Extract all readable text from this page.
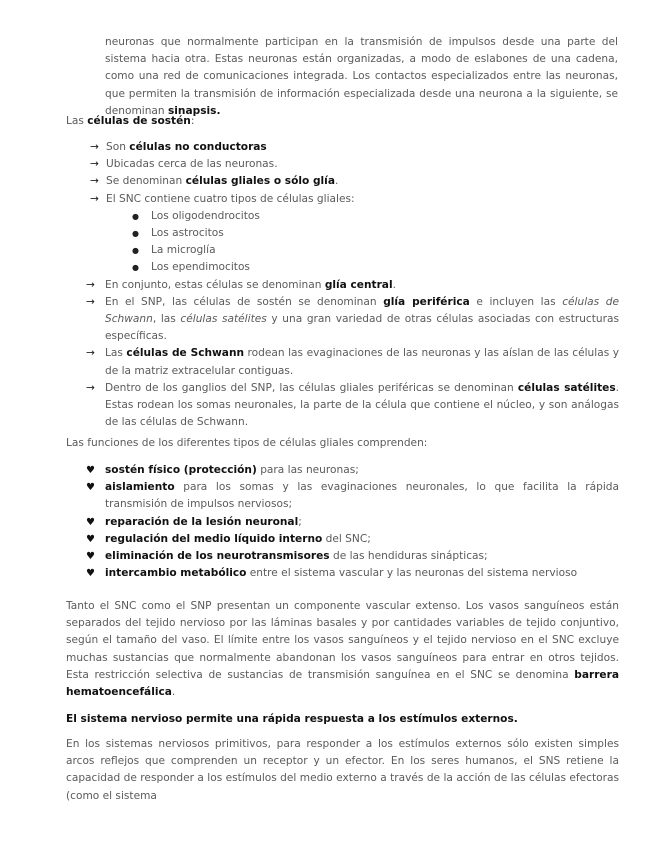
neuronas que normalmente participan en la transmisión de impulsos desde una parte del sistema hacia otra. Estas neuronas están organizadas, a modo de eslabones de una cadena, como una red de comunicaciones integrada. Los contactos especializados entre las neuronas, que permiten la transmisión de información especializada desde una neurona a la siguiente, se denominan sinapsis.

Las células de sostén:
→ Son células no conductoras
→ Ubicadas cerca de las neuronas.
→ Se denominan células gliales o sólo glía.
→ El SNC contiene cuatro tipos de células gliales:
● Los oligodendrocitos
● Los astrocitos
● La microglía
● Los ependimocitos
→ En conjunto, estas células se denominan glía central.
→ En el SNP, las células de sostén se denominan glía periférica e incluyen las células de Schwann, las células satélites y una gran variedad de otras células asociadas con estructuras específicas.
→ Las células de Schwann rodean las evaginaciones de las neuronas y las aíslan de las células y de la matriz extracelular contiguas.
→ Dentro de los ganglios del SNP, las células gliales periféricas se denominan células satélites. Estas rodean los somas neuronales, la parte de la célula que contiene el núcleo, y son análogas de las células de Schwann.
Las funciones de los diferentes tipos de células gliales comprenden:
♥ sostén físico (protección) para las neuronas;
♥ aislamiento para los somas y las evaginaciones neuronales, lo que facilita la rápida transmisión de impulsos nerviosos;
♥ reparación de la lesión neuronal;
♥ regulación del medio líquido interno del SNC;
♥ eliminación de los neurotransmisores de las hendiduras sinápticas;
♥ intercambio metabólico entre el sistema vascular y las neuronas del sistema nervioso

Tanto el SNC como el SNP presentan un componente vascular extenso. Los vasos sanguíneos están separados del tejido nervioso por las láminas basales y por cantidades variables de tejido conjuntivo, según el tamaño del vaso. El límite entre los vasos sanguíneos y el tejido nervioso en el SNC excluye muchas sustancias que normalmente abandonan los vasos sanguíneos para entrar en otros tejidos. Esta restricción selectiva de sustancias de transmisión sanguínea en el SNC se denomina barrera hematoencefálica.

El sistema nervioso permite una rápida respuesta a los estímulos externos.

En los sistemas nerviosos primitivos, para responder a los estímulos externos sólo existen simples arcos reflejos que comprenden un receptor y un efector. En los seres humanos, el SNS retiene la capacidad de responder a los estímulos del medio externo a través de la acción de las células efectoras (como el sistema
